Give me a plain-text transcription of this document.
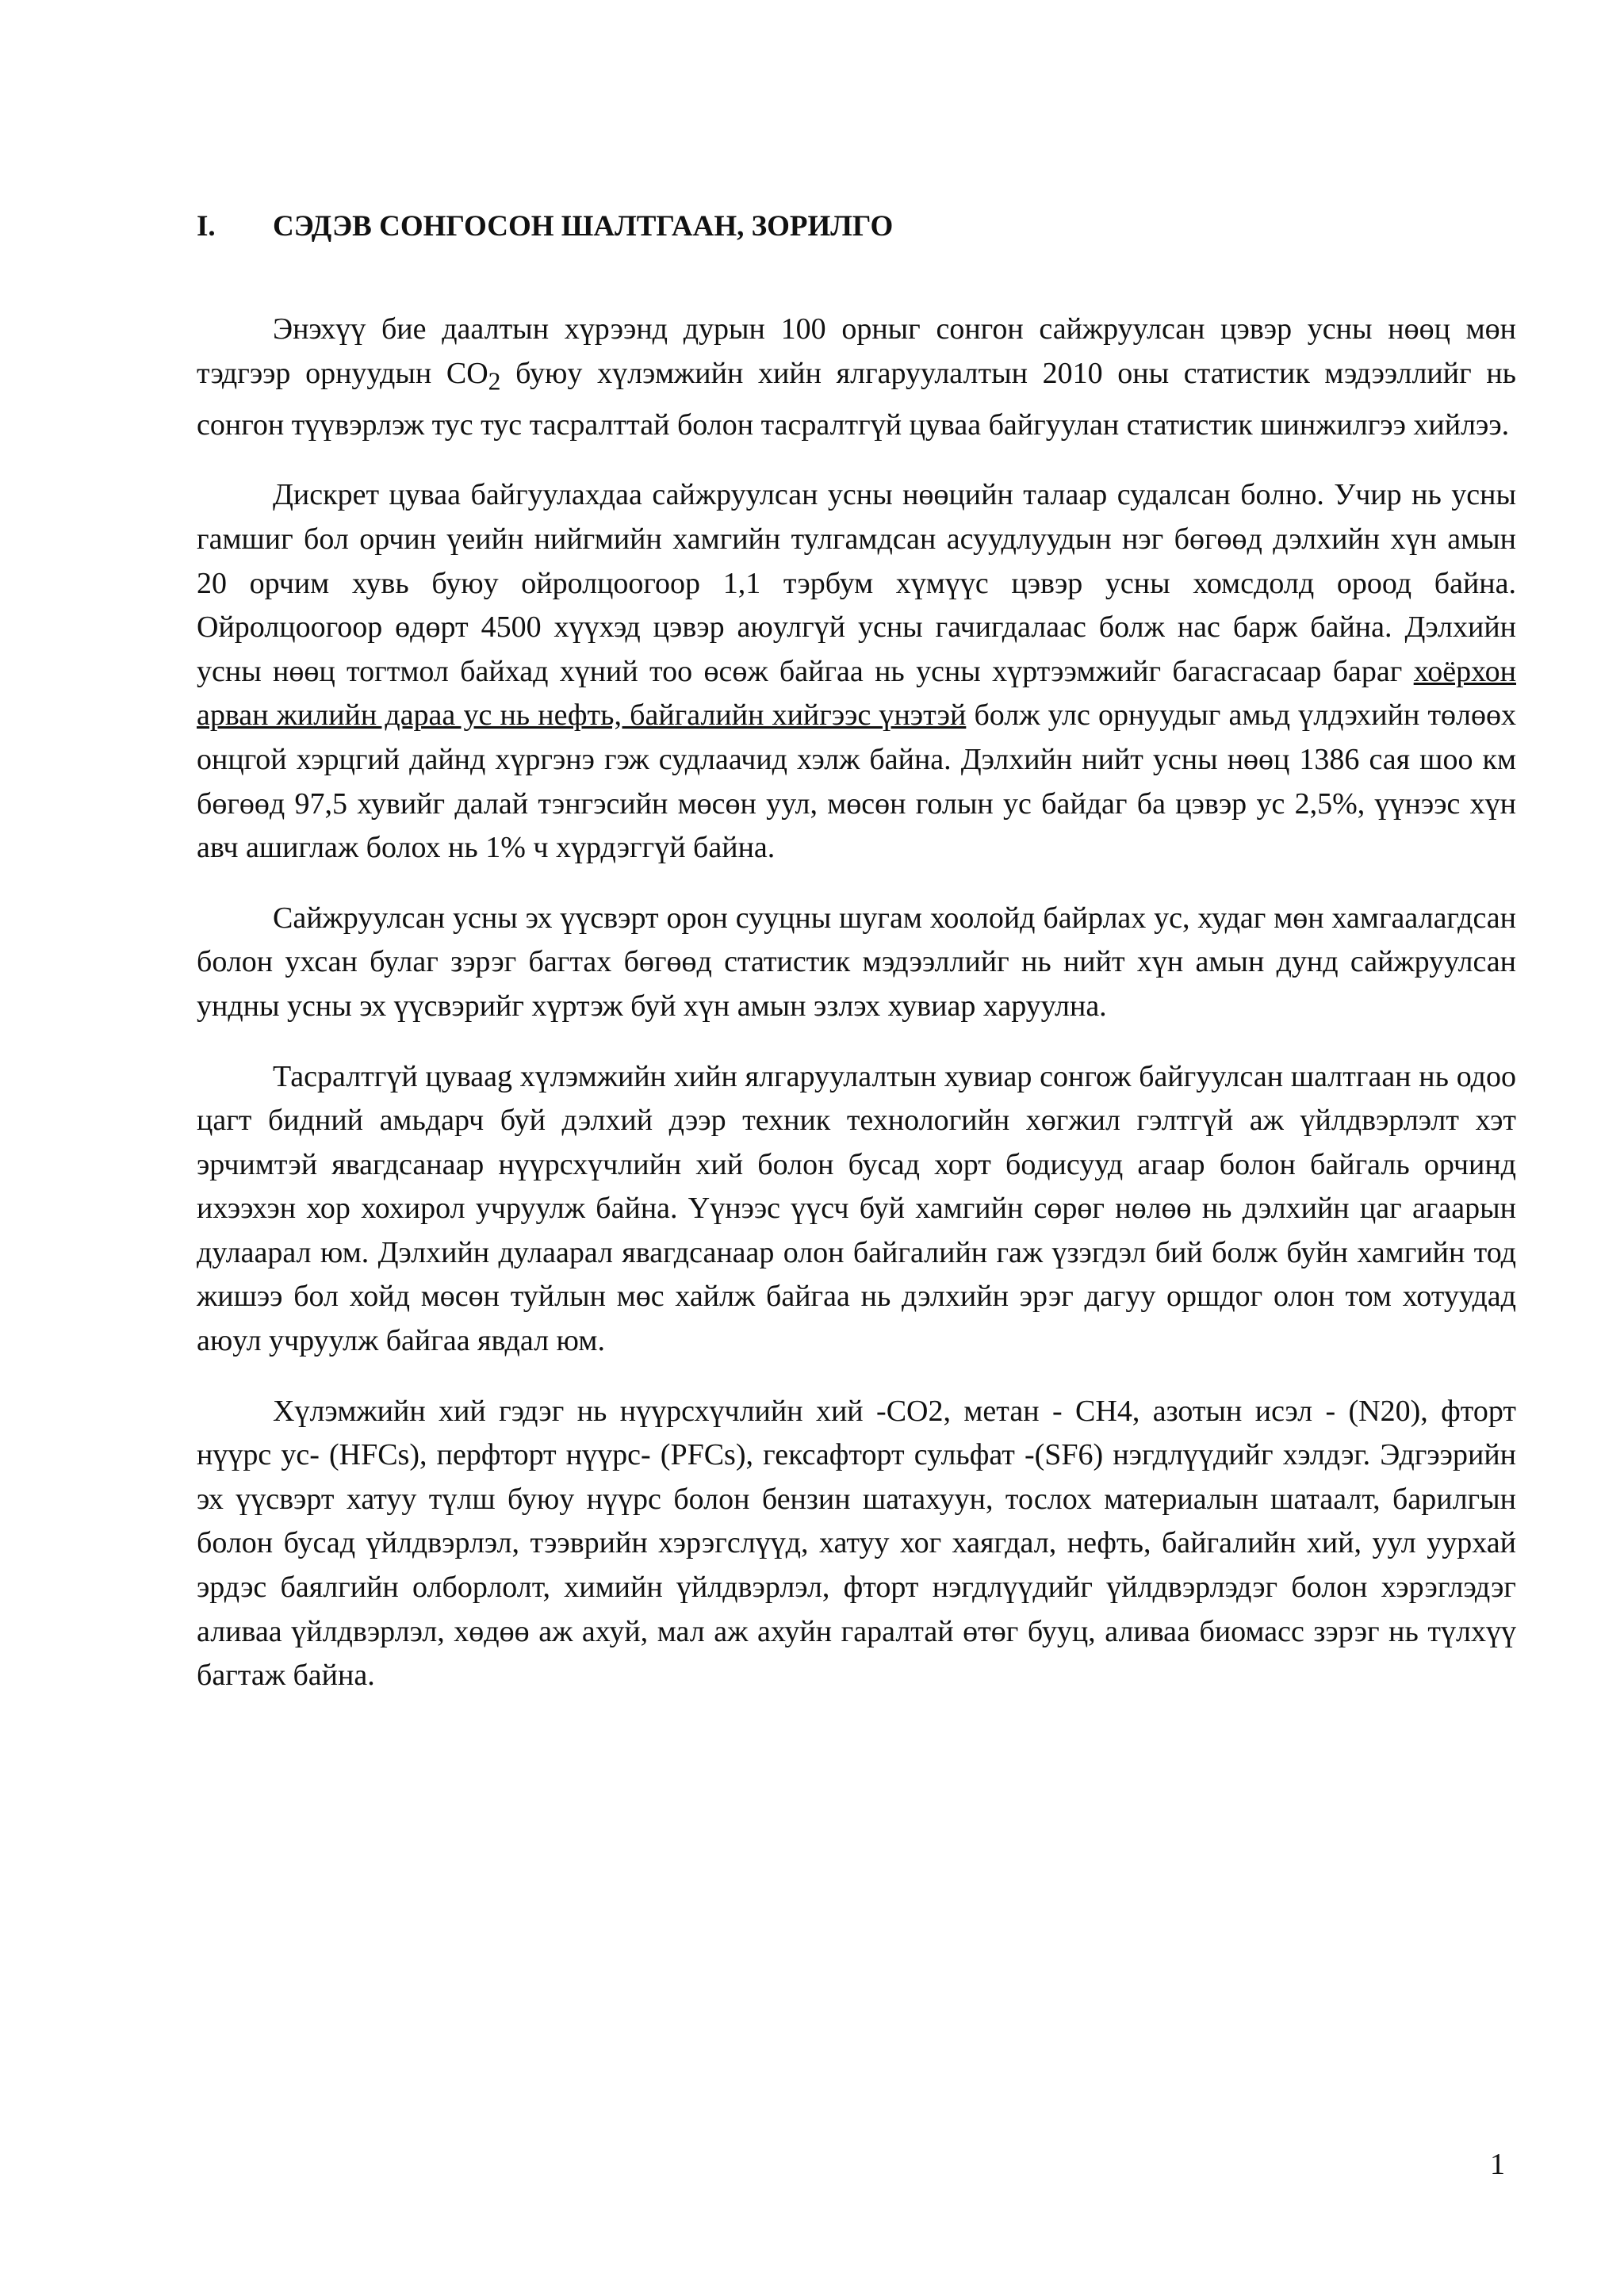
I.	СЭДЭВ СОНГОСОН ШАЛТГААН, ЗОРИЛГО

Энэхүү бие даалтын хүрээнд дурын 100 орныг сонгон сайжруулсан цэвэр усны нөөц мөн тэдгээр орнуудын $CO_2$ буюу хүлэмжийн хийн ялгаруулалтын 2010 оны статистик мэдээллийг нь сонгон түүвэрлэж тус тус тасралттай болон тасралтгүй цуваа байгуулан статистик шинжилгээ хийлээ.

Дискрет цуваа байгуулахдаа сайжруулсан усны нөөцийн талаар судалсан болно. Учир нь усны гамшиг бол орчин үеийн нийгмийн хамгийн тулгамдсан асуудлуудын нэг бөгөөд дэлхийн хүн амын 20 орчим хувь буюу ойролцоогоор 1,1 тэрбум хүмүүс цэвэр усны хомсдолд ороод байна. Ойролцоогоор өдөрт 4500 хүүхэд цэвэр аюулгүй усны гачигдалаас болж нас барж байна. Дэлхийн усны нөөц тогтмол байхад хүний тоо өсөж байгаа нь усны хүртээмжийг багасгасаар бараг хоёрхон арван жилийн дараа ус нь нефть, байгалийн хийгээс үнэтэй болж улс орнуудыг амьд үлдэхийн төлөөх онцгой хэрцгий дайнд хүргэнэ гэж судлаачид хэлж байна. Дэлхийн нийт усны нөөц 1386 сая шоо км бөгөөд 97,5 хувийг далай тэнгэсийн мөсөн уул, мөсөн голын ус байдаг ба цэвэр ус 2,5%, үүнээс хүн авч ашиглаж болох нь 1% ч хүрдэггүй байна.

Сайжруулсан усны эх үүсвэрт орон сууцны шугам хоолойд байрлах ус, худаг мөн хамгаалагдсан болон ухсан булаг зэрэг багтах бөгөөд статистик мэдээллийг нь нийт хүн амын дунд сайжруулсан ундны усны эх үүсвэрийг хүртэж буй хүн амын эзлэх хувиар харуулна.

Тасралтгүй цуваag хүлэмжийн хийн ялгаруулалтын хувиар сонгож байгуулсан шалтгаан нь одоо цагт бидний амьдарч буй дэлхий дээр техник технологийн хөгжил гэлтгүй аж үйлдвэрлэлт хэт эрчимтэй явагдсанаар нүүрсхүчлийн хий болон бусад хорт бодисууд агаар болон байгаль орчинд ихээхэн хор хохирол учруулж байна. Үүнээс үүсч буй хамгийн сөрөг нөлөө нь дэлхийн цаг агаарын дулаарал юм. Дэлхийн дулаарал явагдсанаар олон байгалийн гаж үзэгдэл бий болж буйн хамгийн тод жишээ бол хойд мөсөн туйлын мөс хайлж байгаа нь дэлхийн эрэг дагуу оршдог олон том хотуудад аюул учруулж байгаа явдал юм.

Хүлэмжийн хий гэдэг нь нүүрсхүчлийн хий -CO2, метан - CH4, азотын исэл - (N20), фторт нүүрс ус- (HFCs), перфторт нүүрс- (PFCs), гексафторт сульфат -(SF6) нэгдлүүдийг хэлдэг. Эдгээрийн эх үүсвэрт хатуу түлш буюу нүүрс болон бензин шатахуун, тослох материалын шатаалт, барилгын болон бусад үйлдвэрлэл, тээврийн хэрэгслүүд, хатуу хог хаягдал, нефть, байгалийн хий, уул уурхай эрдэс баялгийн олборлолт, химийн үйлдвэрлэл, фторт нэгдлүүдийг үйлдвэрлэдэг болон хэрэглэдэг аливаа үйлдвэрлэл, хөдөө аж ахуй, мал аж ахуйн гаралтай өтөг бууц, аливаа биомасс зэрэг нь түлхүү багтаж байна.

1
